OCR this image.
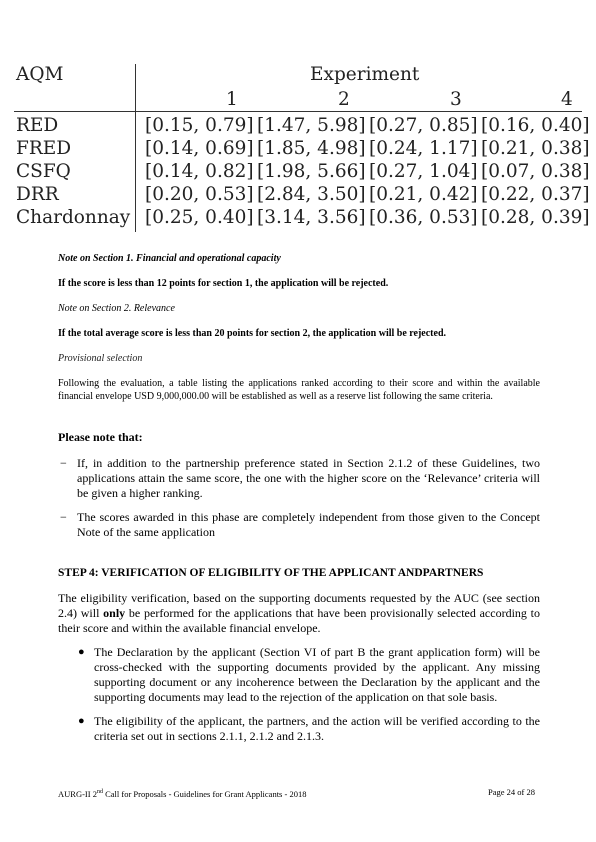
AQM	Experiment
1	2	3	4
RED	[0.15, 0.79] [1.47, 5.98] [0.27, 0.85] [0.16, 0.40]
FRED	[0.14, 0.69] [1.85, 4.98] [0.24, 1.17] [0.21, 0.38]
CSFQ	[0.14, 0.82] [1.98, 5.66] [0.27, 1.04] [0.07, 0.38]
DRR	[0.20, 0.53] [2.84, 3.50] [0.21, 0.42] [0.22, 0.37]
Chardonnay [0.25, 0.40] [3.14, 3.56] [0.36, 0.53] [0.28, 0.39]
Note on Section 1. Financial and operational capacity
If the score is less than 12 points for section 1, the application will be rejected.
Note on Section 2. Relevance
If the total average score is less than 20 points for section 2, the application will be rejected.
Provisional selection
Following the evaluation, a table listing the applications ranked according to their score and within the available financial envelope USD 9,000,000.00 will be established as well as a reserve list following the same criteria.
Please note that:
− If, in addition to the partnership preference stated in Section 2.1.2 of these Guidelines, two applications attain the same score, the one with the higher score on the ‘Relevance’ criteria will be given a higher ranking.
− The scores awarded in this phase are completely independent from those given to the Concept Note of the same application
STEP 4: VERIFICATION OF ELIGIBILITY OF THE APPLICANT ANDPARTNERS
The eligibility verification, based on the supporting documents requested by the AUC (see section 2.4) will only be performed for the applications that have been provisionally selected according to their score and within the available financial envelope.
● The Declaration by the applicant (Section VI of part B the grant application form) will be cross-checked with the supporting documents provided by the applicant. Any missing supporting document or any incoherence between the Declaration by the applicant and the supporting documents may lead to the rejection of the application on that sole basis.
● The eligibility of the applicant, the partners, and the action will be verified according to the criteria set out in sections 2.1.1, 2.1.2 and 2.1.3.
AURG-II 2nd Call for Proposals - Guidelines for Grant Applicants - 2018	Page 24 of 28
